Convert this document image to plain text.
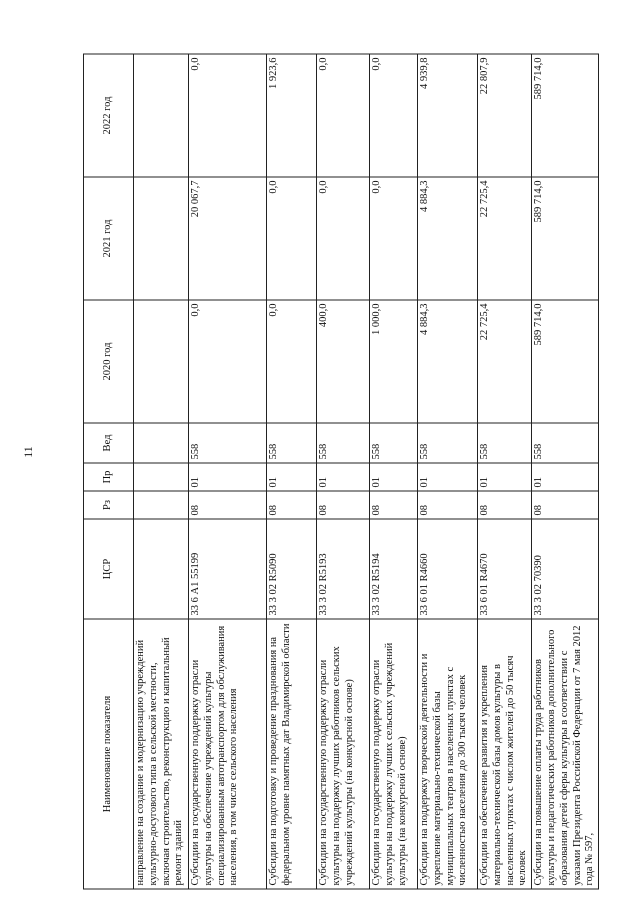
11
Наименование показателя	ЦСР	Рз	Пр	Вед	2020 год	2021 год	2022 год
направление на создание и модернизацию учреждений культурно-досугового типа в сельской местности, включая строительство, реконструкцию и капитальный ремонт зданий							
Субсидии на государственную поддержку отрасли культуры на обеспечение учреждений культуры специализированным автотранспортом для обслуживания населения, в том числе сельского населения	33 6 А1 55199	08	01	558	0,0	20 067,7	0,0
Субсидии на подготовку и проведение празднования на федеральном уровне памятных дат Владимирской области	33 3 02 R5090	08	01	558	0,0	0,0	1 923,6
Субсидии на государственную поддержку отрасли культуры на поддержку лучших работников сельских учреждений культуры (на конкурсной основе)	33 3 02 R5193	08	01	558	400,0	0,0	0,0
Субсидии на государственную поддержку отрасли культуры на поддержку лучших сельских учреждений культуры (на конкурсной основе)	33 3 02 R5194	08	01	558	1 000,0	0,0	0,0
Субсидии на поддержку творческой деятельности и укрепление материально-технической базы муниципальных театров в населенных пунктах с численностью населения до 300 тысяч человек	33 6 01 R4660	08	01	558	4 884,3	4 884,3	4 939,8
Субсидии на обеспечение развития и укрепления материально-технической базы домов культуры в населенных пунктах с числом жителей до 50 тысяч человек	33 6 01 R4670	08	01	558	22 725,4	22 725,4	22 807,9
Субсидии на повышение оплаты труда работников культуры и педагогических работников дополнительного образования детей сферы культуры в соответствии с указами Президента Российской Федерации от 7 мая 2012 года № 597,	33 3 02 70390	08	01	558	589 714,0	589 714,0	589 714,0
